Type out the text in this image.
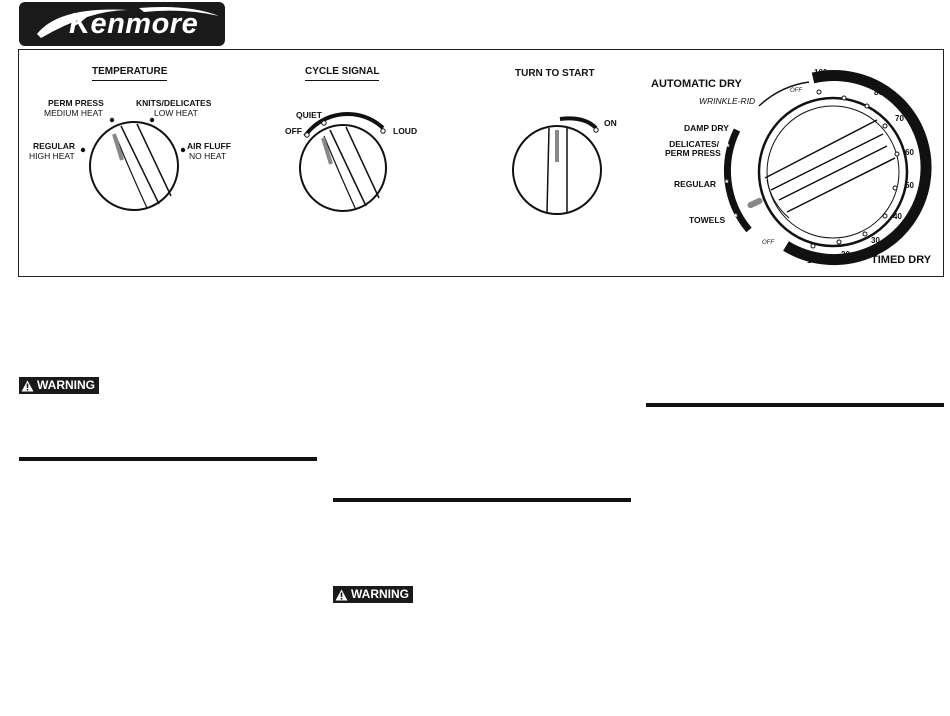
Kenmore
*
*
*
*
TEMPERATURE
PERM PRESS
MEDIUM HEAT
KNITS/DELICATES
LOW HEAT
REGULAR
HIGH HEAT
AIR FLUFF
NO HEAT
CYCLE SIGNAL
QUIET
OFF	LOUD
TURN TO START
ON
AUTOMATIC DRY
WRINKLE-RID
OFF
DAMP DRY
DELICATES/
PERM PRESS
REGULAR
TOWELS
OFF
TIMED DRY
100
90
80
70
60
50
40
30
20
10
WARNING
WARNING
